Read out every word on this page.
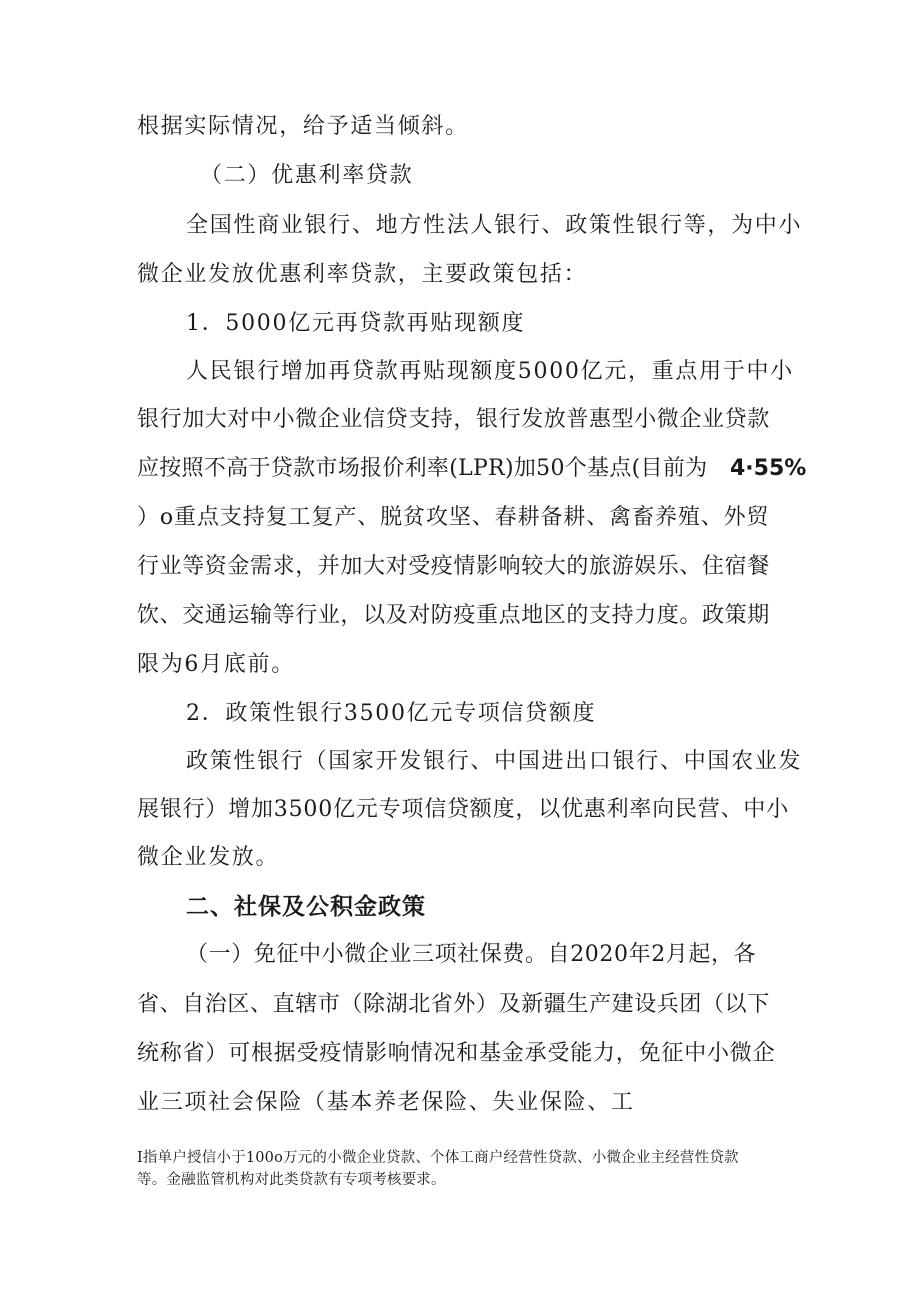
根据实际情况，给予适当倾斜。
（二）优惠利率贷款
全国性商业银行、地方性法人银行、政策性银行等，为中小
微企业发放优惠利率贷款，主要政策包括：
1．5000亿元再贷款再贴现额度
人民银行增加再贷款再贴现额度5000亿元，重点用于中小
银行加大对中小微企业信贷支持，银行发放普惠型小微企业贷款
应按照不高于贷款市场报价利率(LPR)加50个基点(目前为	4·55%
）o重点支持复工复产、脱贫攻坚、春耕备耕、禽畜养殖、外贸
行业等资金需求，并加大对受疫情影响较大的旅游娱乐、住宿餐
饮、交通运输等行业，以及对防疫重点地区的支持力度。政策期
限为6月底前。
2．政策性银行3500亿元专项信贷额度
政策性银行（国家开发银行、中国进出口银行、中国农业发
展银行）增加3500亿元专项信贷额度，以优惠利率向民营、中小
微企业发放。
二、社保及公积金政策
（一）免征中小微企业三项社保费。自2020年2月起，各
省、自治区、直辖市（除湖北省外）及新疆生产建设兵团（以下
统称省）可根据受疫情影响情况和基金承受能力，免征中小微企
业三项社会保险（基本养老保险、失业保险、工
I指单户授信小于100o万元的小微企业贷款、个体工商户经营性贷款、小微企业主经营性贷款
等。金融监管机构对此类贷款有专项考核要求。
